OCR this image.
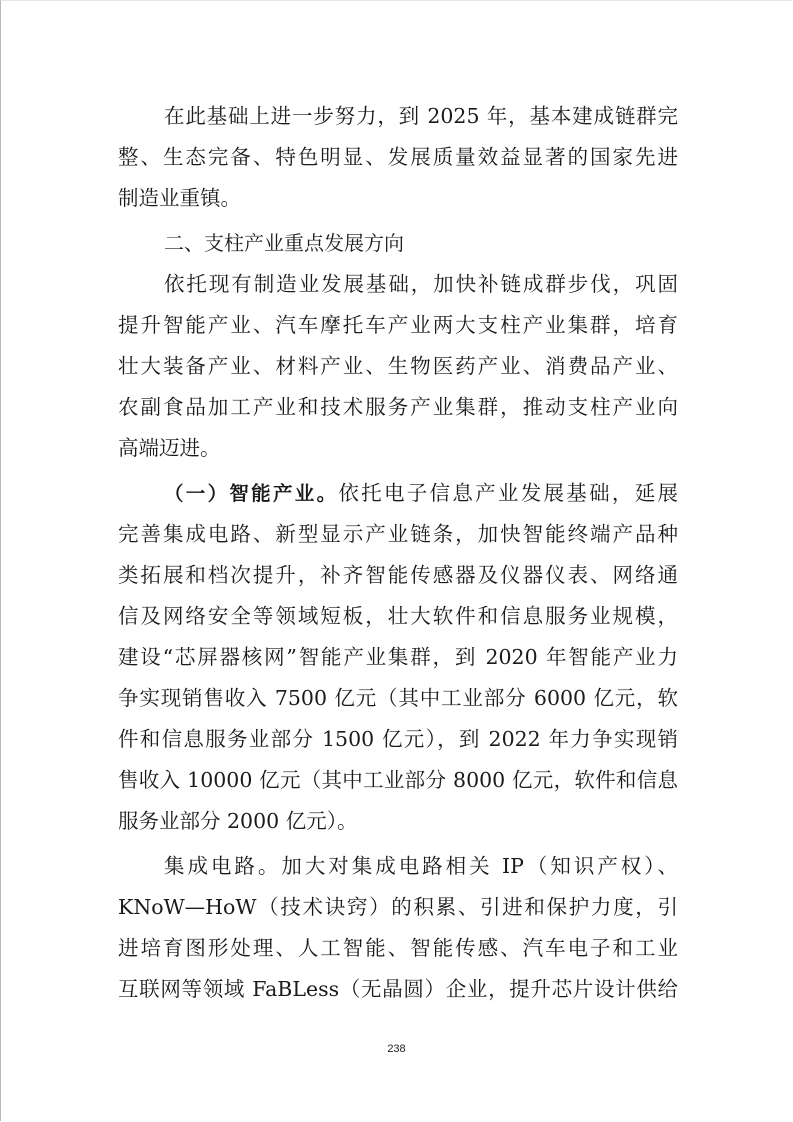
在此基础上进一步努力，到 2025 年，基本建成链群完
整、生态完备、特色明显、发展质量效益显著的国家先进
制造业重镇。
二、支柱产业重点发展方向
依托现有制造业发展基础，加快补链成群步伐，巩固
提升智能产业、汽车摩托车产业两大支柱产业集群，培育
壮大装备产业、材料产业、生物医药产业、消费品产业、
农副食品加工产业和技术服务产业集群，推动支柱产业向
高端迈进。
（一）智能产业。依托电子信息产业发展基础，延展
完善集成电路、新型显示产业链条，加快智能终端产品种
类拓展和档次提升，补齐智能传感器及仪器仪表、网络通
信及网络安全等领域短板，壮大软件和信息服务业规模，
建设“芯屏器核网”智能产业集群，到 2020 年智能产业力
争实现销售收入 7500 亿元（其中工业部分 6000 亿元，软
件和信息服务业部分 1500 亿元），到 2022 年力争实现销
售收入 10000 亿元（其中工业部分 8000 亿元，软件和信息
服务业部分 2000 亿元）。
集成电路。加大对集成电路相关 IP（知识产权）、
KNoW—HoW（技术诀窍）的积累、引进和保护力度，引
进培育图形处理、人工智能、智能传感、汽车电子和工业
互联网等领域 FaBLess（无晶圆）企业，提升芯片设计供给
238
